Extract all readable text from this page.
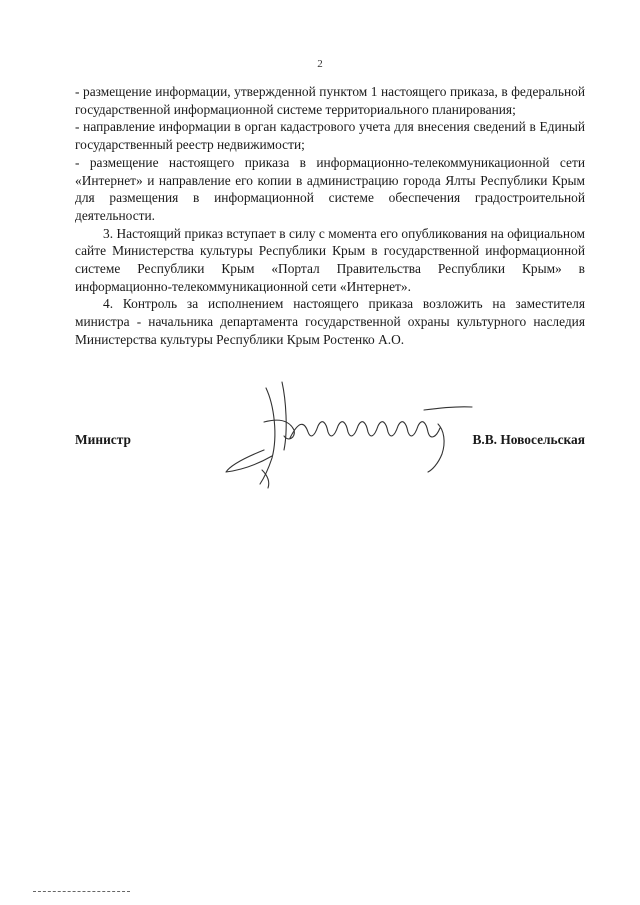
2

- размещение информации, утвержденной пунктом 1 настоящего приказа, в федеральной государственной информационной системе территориального планирования;

- направление информации в орган кадастрового учета для внесения сведений в Единый государственный реестр недвижимости;

- размещение настоящего приказа в информационно-телекоммуникационной сети «Интернет» и направление его копии в администрацию города Ялты Республики Крым для размещения в информационной системе обеспечения градостроительной деятельности.

3. Настоящий приказ вступает в силу с момента его опубликования на официальном сайте Министерства культуры Республики Крым в государственной информационной системе Республики Крым «Портал Правительства Республики Крым» в информационно-телекоммуникационной сети «Интернет».

4. Контроль за исполнением настоящего приказа возложить на заместителя министра - начальника департамента государственной охраны культурного наследия Министерства культуры Республики Крым Ростенко А.О.

Министр	В.В. Новосельская
